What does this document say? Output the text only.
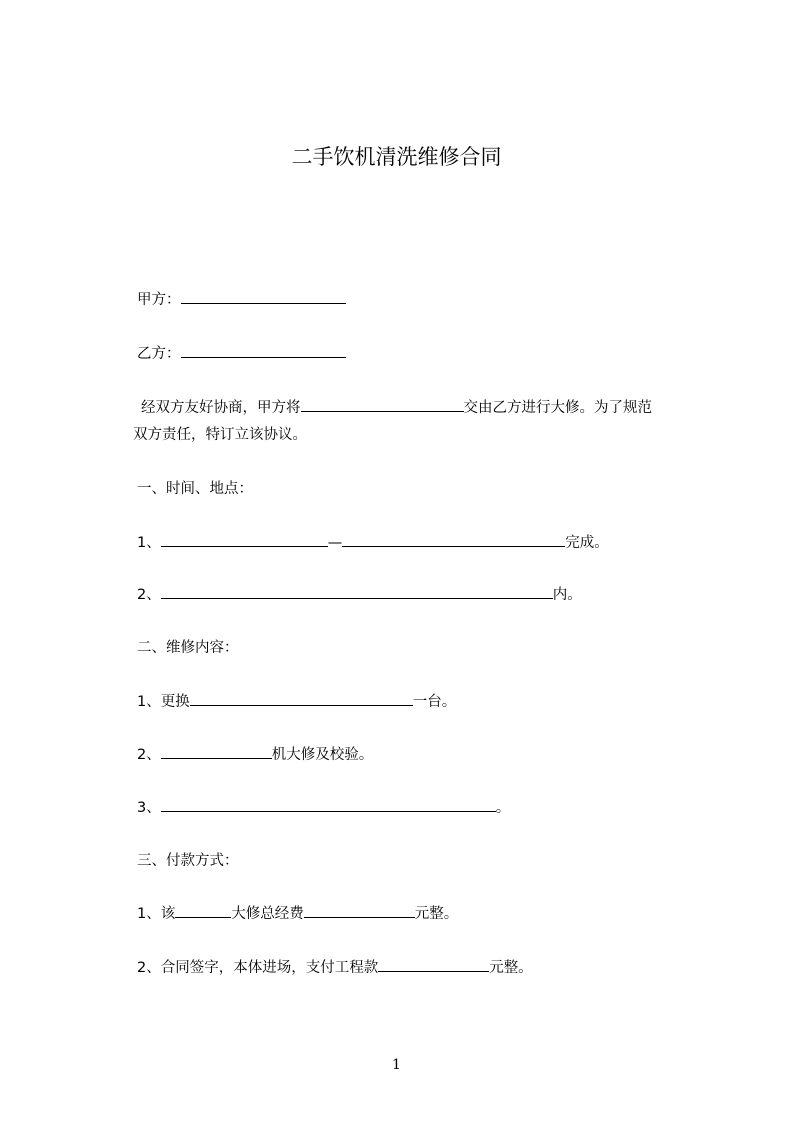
二手饮机清洗维修合同
甲方：
乙方：
经双方友好协商，甲方将	交由乙方进行大修。为了规范
双方责任，特订立该协议。
一、时间、地点：
1、	—	完成。
2、	内。
二、维修内容：
1、更换	一台。
2、	机大修及校验。
3、	。
三、付款方式：
1、该	大修总经费	元整。
2、合同签字，本体进场，支付工程款	元整。
1
